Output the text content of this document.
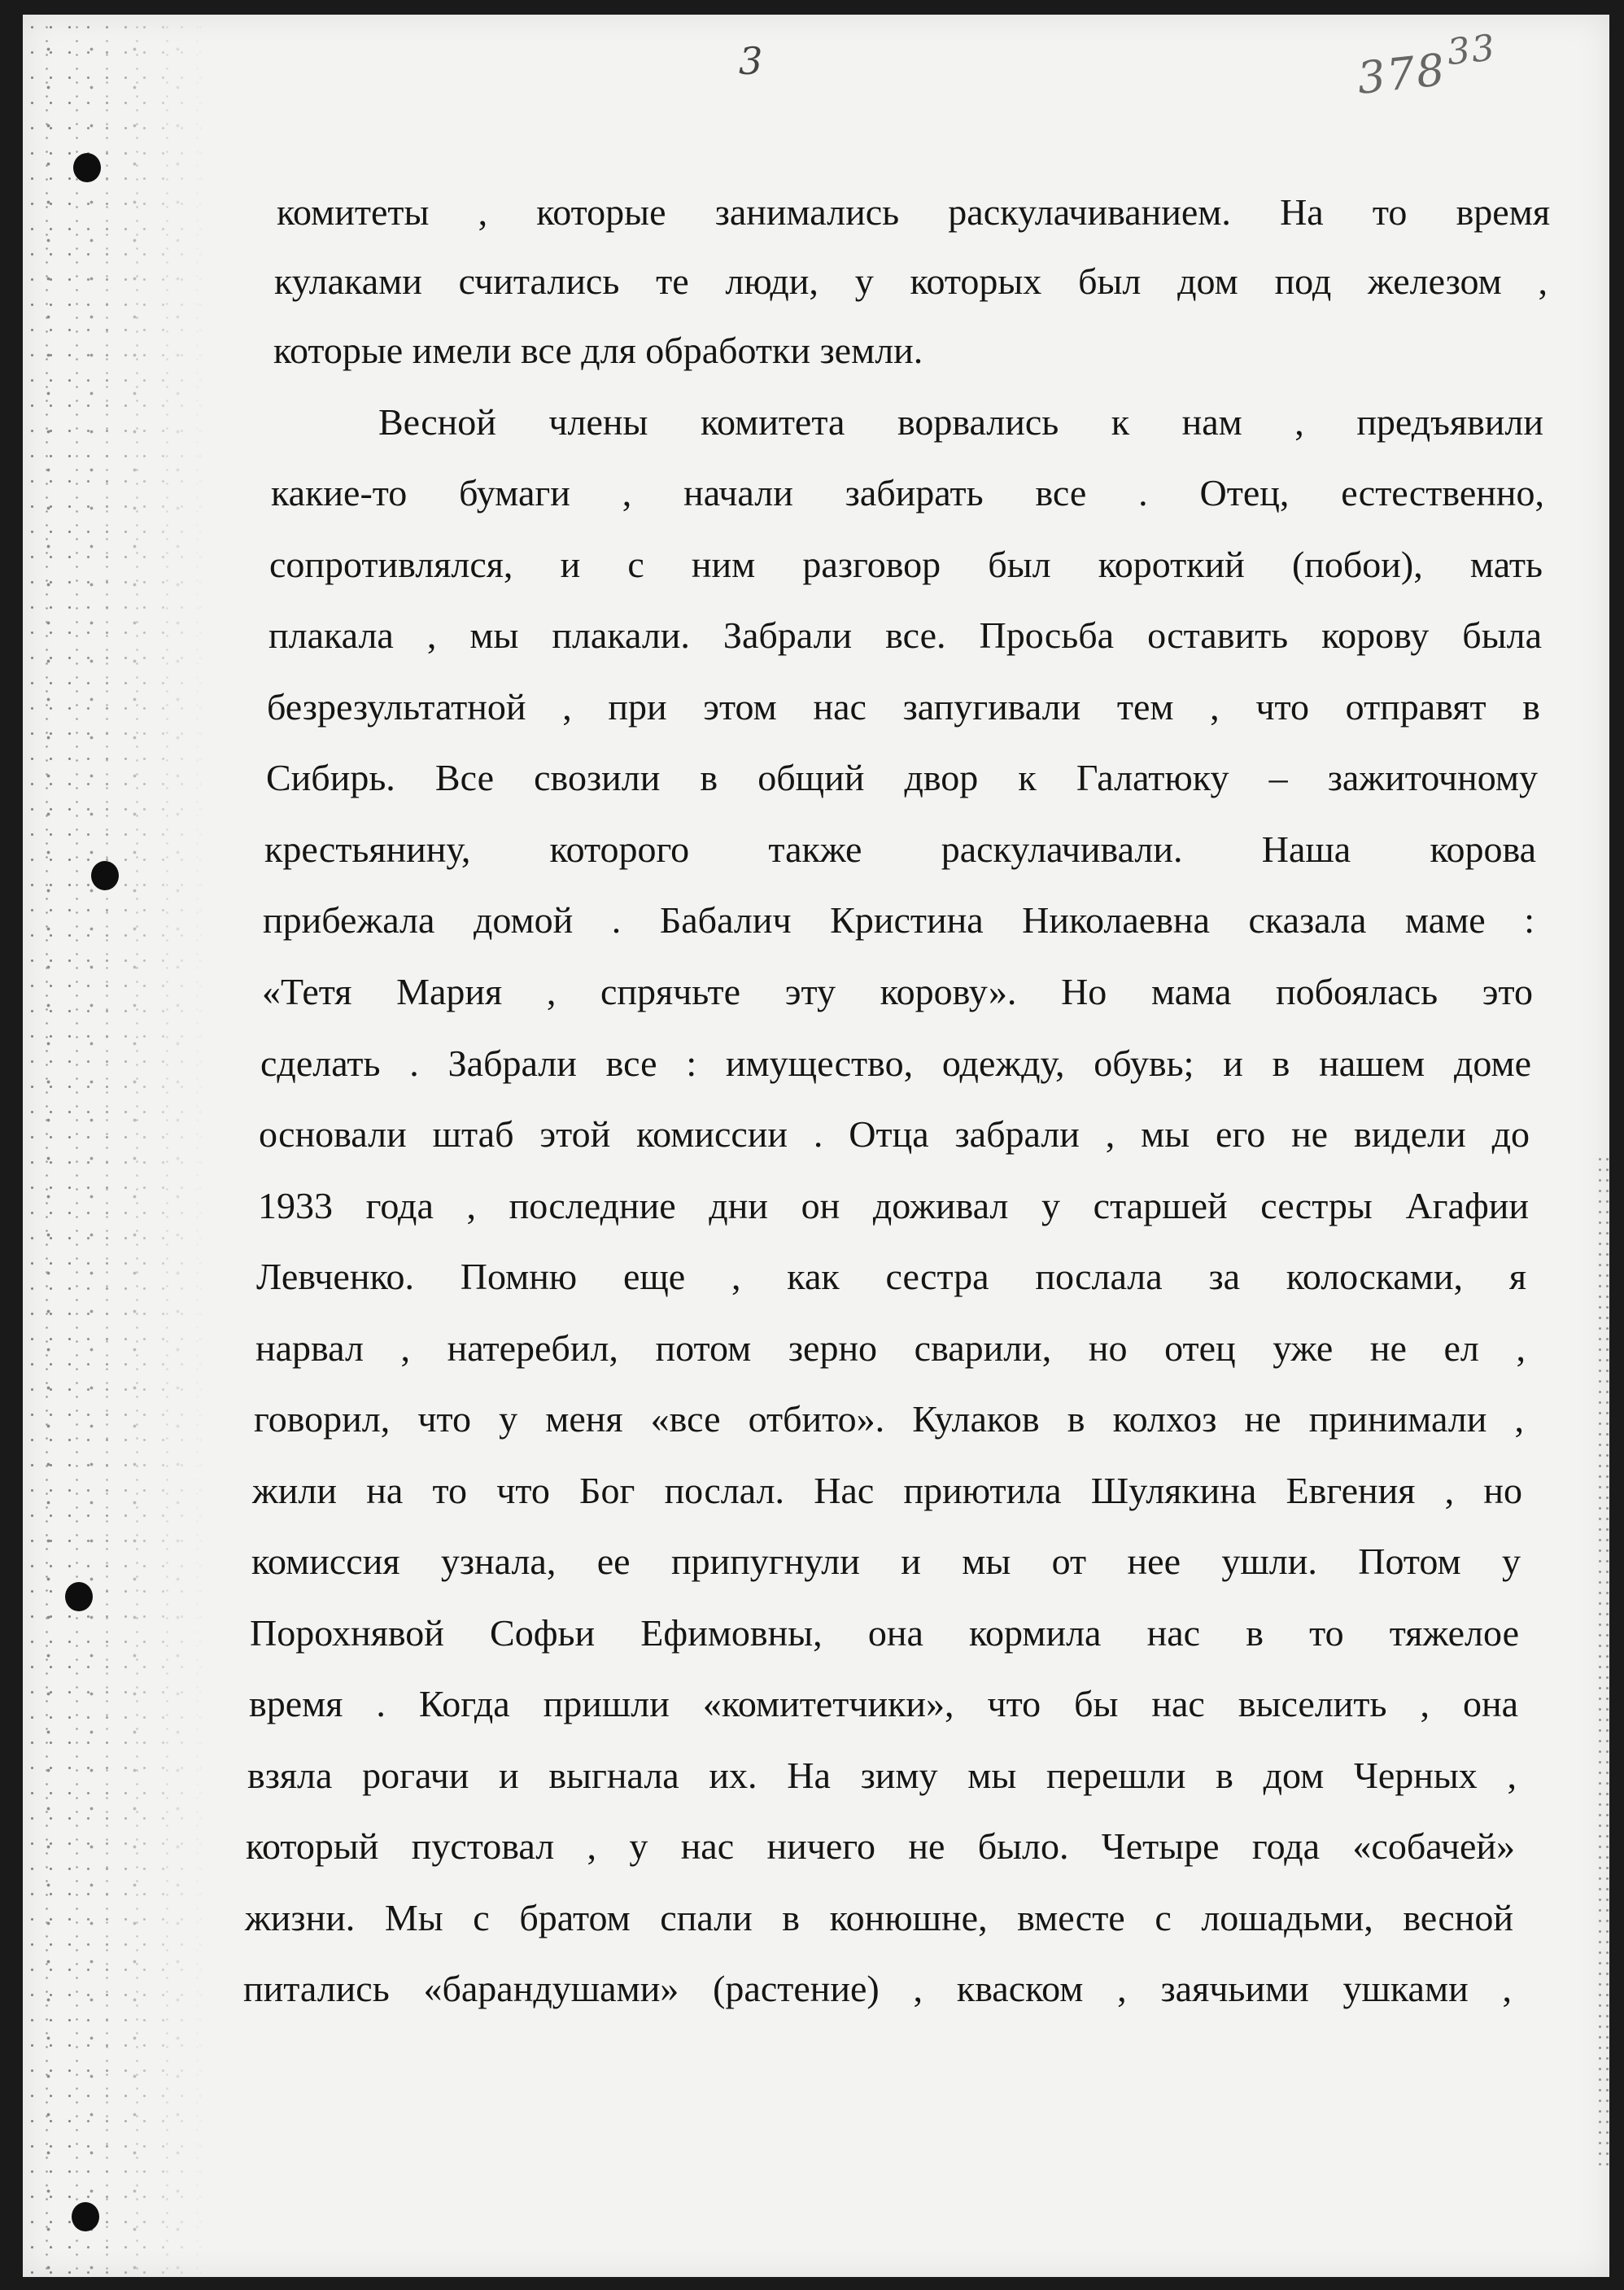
3	$378^{33}$

комитеты , которые занимались раскулачиванием. На то время

кулаками считались те люди, у которых был дом под железом ,

которые имели все для обработки земли.

Весной члены комитета ворвались к нам , предъявили

какие-то бумаги , начали забирать все . Отец, естественно,

сопротивлялся, и с ним разговор был короткий (побои), мать

плакала , мы плакали. Забрали все. Просьба оставить корову была

безрезультатной , при этом нас запугивали тем , что отправят в

Сибирь. Все свозили в общий двор к Галатюку – зажиточному

крестьянину, которого также раскулачивали. Наша корова

прибежала домой . Бабалич Кристина Николаевна сказала маме :

«Тетя Мария , спрячьте эту корову». Но мама побоялась это

сделать . Забрали все : имущество, одежду, обувь; и в нашем доме

основали штаб этой комиссии . Отца забрали , мы его не видели до

1933 года , последние дни он доживал у старшей сестры Агафии

Левченко. Помню еще , как сестра послала за колосками, я

нарвал , натеребил, потом зерно сварили, но отец уже не ел ,

говорил, что у меня «все отбито». Кулаков в колхоз не принимали ,

жили на то что Бог послал. Нас приютила Шулякина Евгения , но

комиссия узнала, ее припугнули и мы от нее ушли. Потом у

Порохнявой Софьи Ефимовны, она кормила нас в то тяжелое

время . Когда пришли «комитетчики», что бы нас выселить , она

взяла рогачи и выгнала их. На зиму мы перешли в дом Черных ,

который пустовал , у нас ничего не было. Четыре года «собачей»

жизни. Мы с братом спали в конюшне, вместе с лошадьми, весной

питались «барандушами» (растение) , кваском , заячьими ушками ,
